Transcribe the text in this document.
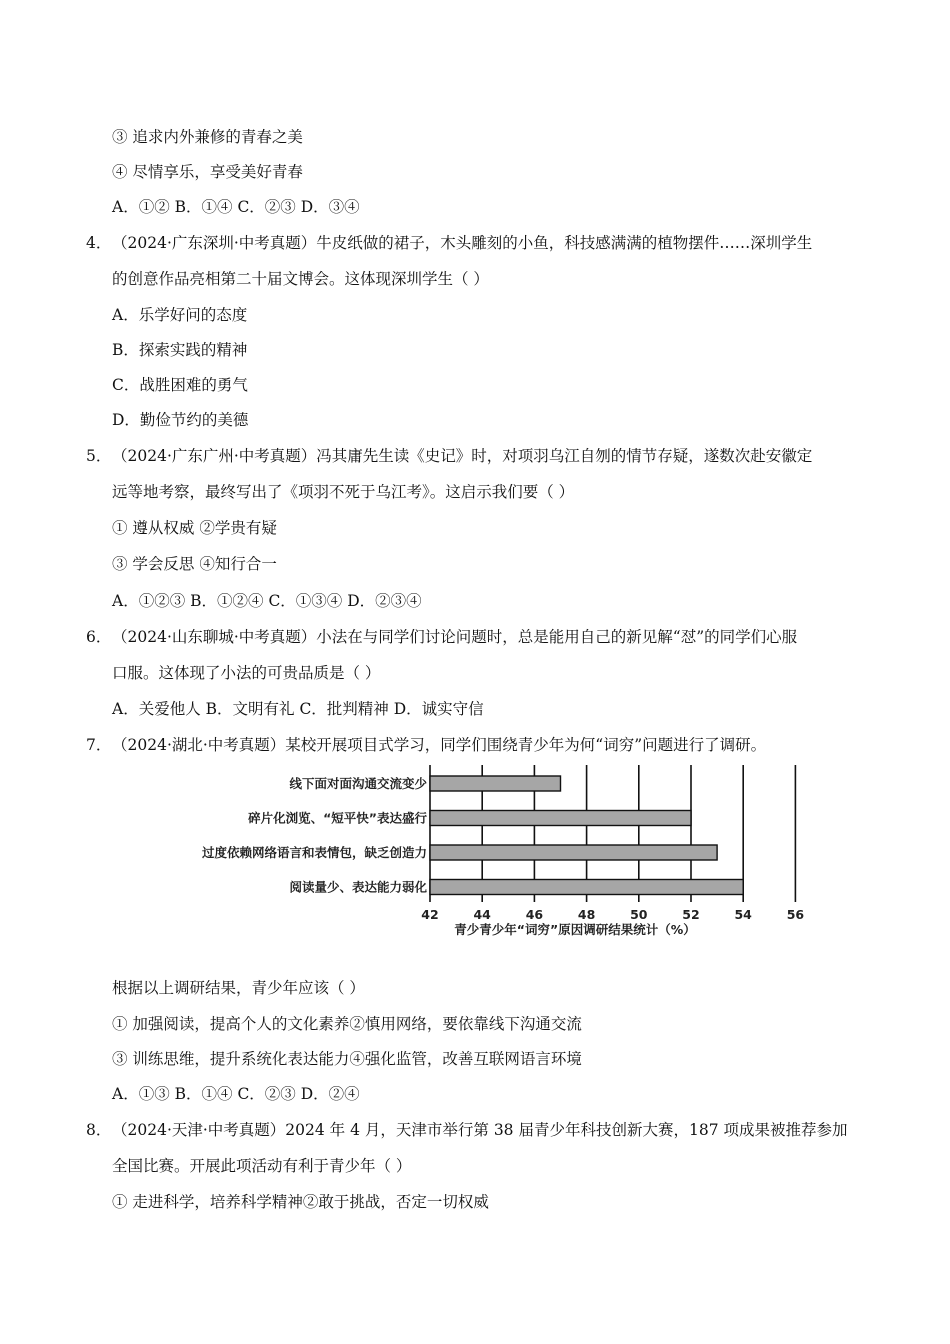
③ 追求内外兼修的青春之美
④ 尽情享乐，享受美好青春
A．①② B．①④ C．②③ D．③④
4． （2024·广东深圳·中考真题）牛皮纸做的裙子，木头雕刻的小鱼，科技感满满的植物摆件……深圳学生
的创意作品亮相第二十届文博会。这体现深圳学生（ ）
A．乐学好问的态度
B．探索实践的精神
C．战胜困难的勇气
D．勤俭节约的美德
5． （2024·广东广州·中考真题）冯其庸先生读《史记》时，对项羽乌江自刎的情节存疑，遂数次赴安徽定
远等地考察，最终写出了《项羽不死于乌江考》。这启示我们要（ ）
① 遵从权威 ②学贵有疑
③ 学会反思 ④知行合一
A．①②③ B．①②④ C．①③④ D．②③④
6． （2024·山东聊城·中考真题）小法在与同学们讨论问题时，总是能用自己的新见解“怼”的同学们心服
口服。这体现了小法的可贵品质是（ ）
A．关爱他人 B．文明有礼 C．批判精神 D．诚实守信
7． （2024·湖北·中考真题）某校开展项目式学习，同学们围绕青少年为何“词穷”问题进行了调研。
42	44	46	48	50	52	54	56
线下面对面沟通交流变少
碎片化浏览、“短平快”表达盛行
过度依赖网络语言和表情包，缺乏创造力
阅读量少、表达能力弱化
青少青少年“词穷”原因调研结果统计（%）
根据以上调研结果，青少年应该（ ）
① 加强阅读，提高个人的文化素养②慎用网络，要依靠线下沟通交流
③ 训练思维，提升系统化表达能力④强化监管，改善互联网语言环境
A．①③ B．①④ C．②③ D．②④
8． （2024·天津·中考真题）2024 年 4 月，天津市举行第 38 届青少年科技创新大赛，187 项成果被推荐参加
全国比赛。开展此项活动有利于青少年（ ）
① 走进科学，培养科学精神②敢于挑战，否定一切权威
